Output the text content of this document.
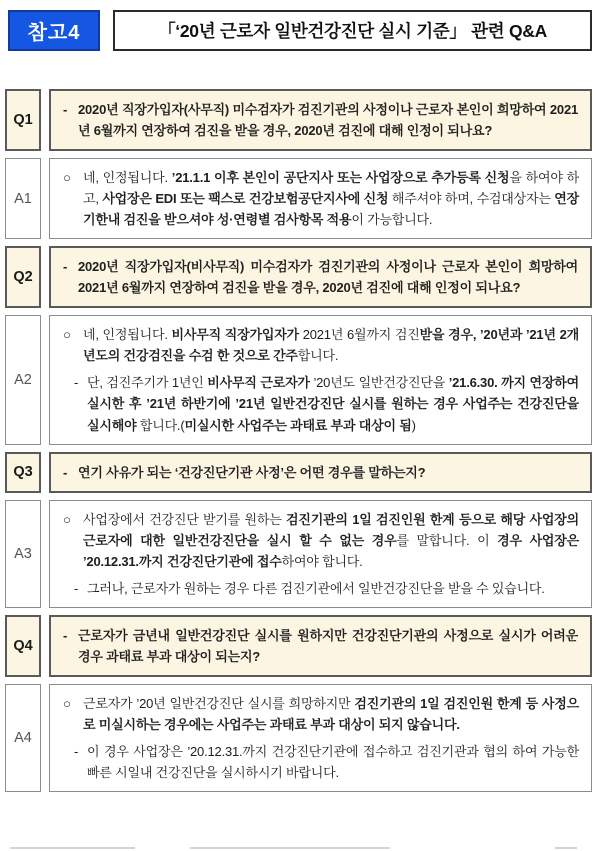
참고4	「‘20년 근로자 일반건강진단 실시 기준」 관련 Q&A
Q1
- 2020년 직장가입자(사무직) 미수검자가 검진기관의 사정이나 근로자 본인이 희망하여 2021년 6월까지 연장하여 검진을 받을 경우, 2020년 검진에 대해 인정이 되나요?
A1
○ 네, 인정됩니다. ’21.1.1 이후 본인이 공단지사 또는 사업장으로 추가등록 신청을 하여야 하고, 사업장은 EDI 또는 팩스로 건강보험공단지사에 신청 해주셔야 하며, 수검대상자는 연장기한내 검진을 받으셔야 성·연령별 검사항목 적용이 가능합니다.
Q2
- 2020년 직장가입자(비사무직) 미수검자가 검진기관의 사정이나 근로자 본인이 희망하여 2021년 6월까지 연장하여 검진을 받을 경우, 2020년 검진에 대해 인정이 되나요?
A2
○ 네, 인정됩니다. 비사무직 직장가입자가 2021년 6월까지 검진받을 경우, ’20년과 ’21년 2개년도의 건강검진을 수검 한 것으로 간주합니다.
- 단, 검진주기가 1년인 비사무직 근로자가 ’20년도 일반건강진단을 ’21.6.30. 까지 연장하여 실시한 후 ’21년 하반기에 ’21년 일반건강진단 실시를 원하는 경우 사업주는 건강진단을 실시해야 합니다.(미실시한 사업주는 과태료 부과 대상이 됨)
Q3	- 연기 사유가 되는 ‘건강진단기관 사정’은 어떤 경우를 말하는지?
A3
○ 사업장에서 건강진단 받기를 원하는 검진기관의 1일 검진인원 한계 등으로 해당 사업장의 근로자에 대한 일반건강진단을 실시 할 수 없는 경우를 말합니다. 이 경우 사업장은 ’20.12.31.까지 건강진단기관에 접수하여야 합니다.
- 그러나, 근로자가 원하는 경우 다른 검진기관에서 일반건강진단을 받을 수 있습니다.
Q4
- 근로자가 금년내 일반건강진단 실시를 원하지만 건강진단기관의 사정으로 실시가 어려운 경우 과태료 부과 대상이 되는지?
A4
○ 근로자가 ’20년 일반건강진단 실시를 희망하지만 검진기관의 1일 검진인원 한계 등 사정으로 미실시하는 경우에는 사업주는 과태료 부과 대상이 되지 않습니다.
- 이 경우 사업장은 ’20.12.31.까지 건강진단기관에 접수하고 검진기관과 협의 하여 가능한 빠른 시일내 건강진단을 실시하시기 바랍니다.
